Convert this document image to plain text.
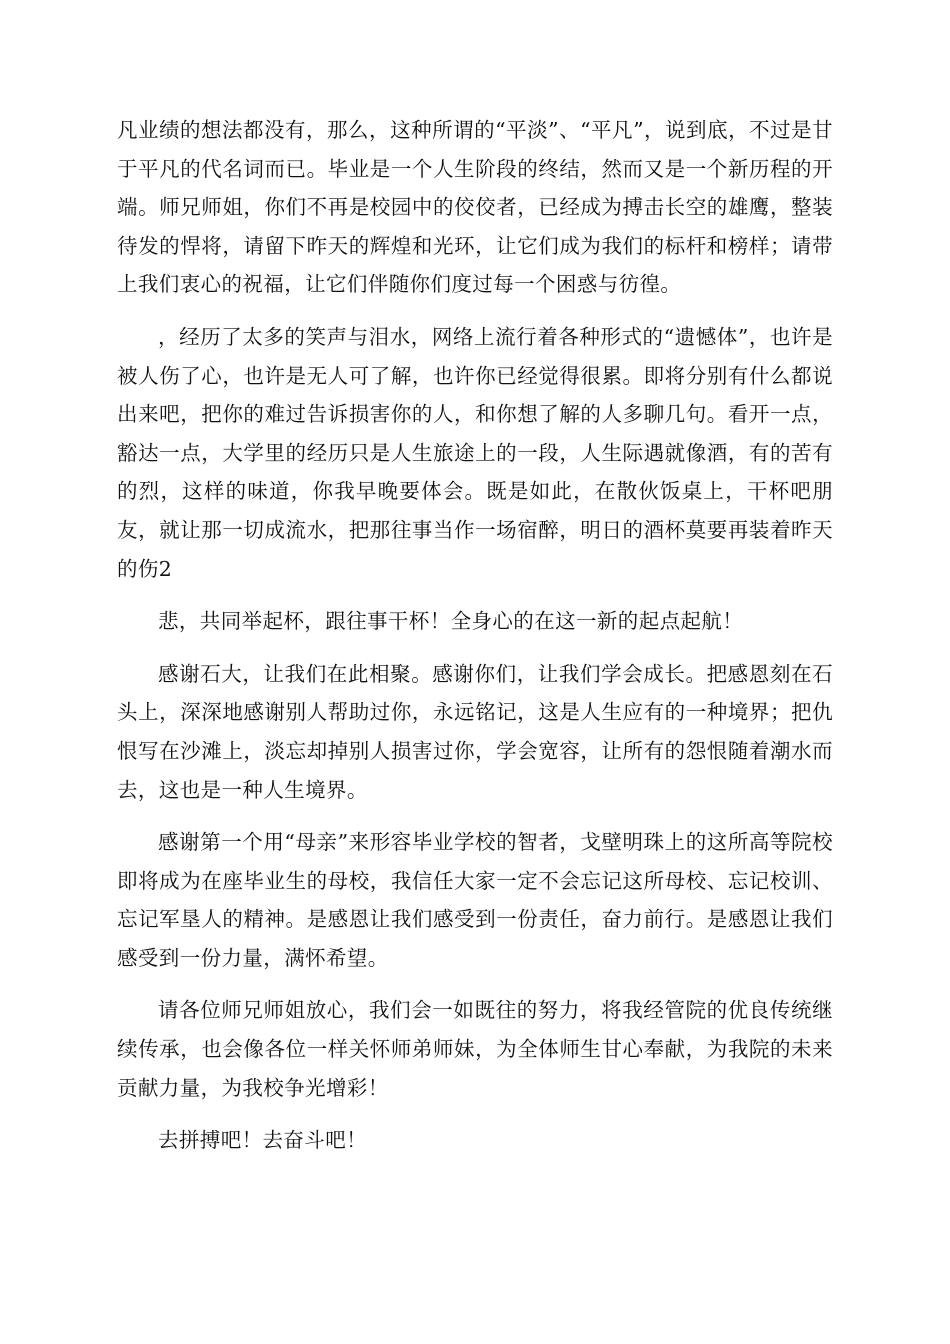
凡业绩的想法都没有，那么，这种所谓的“平淡”、“平凡”，说到底，不过是甘于平凡的代名词而已。毕业是一个人生阶段的终结，然而又是一个新历程的开端。师兄师姐，你们不再是校园中的佼佼者，已经成为搏击长空的雄鹰，整装待发的悍将，请留下昨天的辉煌和光环，让它们成为我们的标杆和榜样；请带上我们衷心的祝福，让它们伴随你们度过每一个困惑与彷徨。

，经历了太多的笑声与泪水，网络上流行着各种形式的“遗憾体”，也许是被人伤了心，也许是无人可了解，也许你已经觉得很累。即将分别有什么都说出来吧，把你的难过告诉损害你的人，和你想了解的人多聊几句。看开一点，豁达一点，大学里的经历只是人生旅途上的一段，人生际遇就像酒，有的苦有的烈，这样的味道，你我早晚要体会。既是如此，在散伙饭桌上，干杯吧朋友，就让那一切成流水，把那往事当作一场宿醉，明日的酒杯莫要再装着昨天的伤2

悲，共同举起杯，跟往事干杯！全身心的在这一新的起点起航！

感谢石大，让我们在此相聚。感谢你们，让我们学会成长。把感恩刻在石头上，深深地感谢别人帮助过你，永远铭记，这是人生应有的一种境界；把仇恨写在沙滩上，淡忘却掉别人损害过你，学会宽容，让所有的怨恨随着潮水而去，这也是一种人生境界。

感谢第一个用“母亲”来形容毕业学校的智者，戈壁明珠上的这所高等院校即将成为在座毕业生的母校，我信任大家一定不会忘记这所母校、忘记校训、忘记军垦人的精神。是感恩让我们感受到一份责任，奋力前行。是感恩让我们感受到一份力量，满怀希望。

请各位师兄师姐放心，我们会一如既往的努力，将我经管院的优良传统继续传承，也会像各位一样关怀师弟师妹，为全体师生甘心奉献，为我院的未来贡献力量，为我校争光增彩！

去拼搏吧！去奋斗吧！
